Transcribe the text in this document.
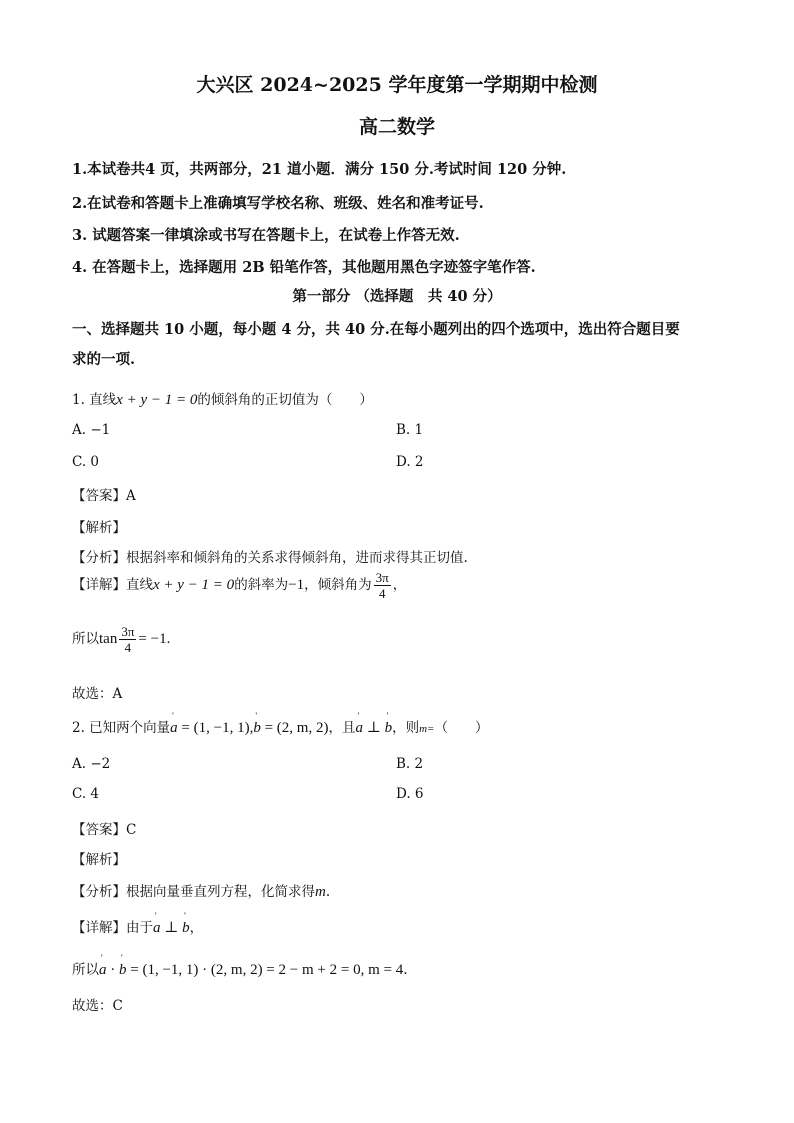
大兴区 2024~2025 学年度第一学期期中检测
高二数学
1.本试卷共4 页，共两部分，21 道小题．满分 150 分.考试时间 120 分钟.
2.在试卷和答题卡上准确填写学校名称、班级、姓名和准考证号.
3. 试题答案一律填涂或书写在答题卡上，在试卷上作答无效.
4. 在答题卡上，选择题用 2B 铅笔作答，其他题用黑色字迹签字笔作答.
第一部分 （选择题　共 40 分）
一、选择题共 10 小题，每小题 4 分，共 40 分.在每小题列出的四个选项中，选出符合题目要
求的一项.
1. 直线x + y − 1 = 0的倾斜角的正切值为（　　）
A. −1	B. 1
C. 0	D. 2
【答案】A
【解析】
【分析】根据斜率和倾斜角的关系求得倾斜角，进而求得其正切值.
【详解】直线x + y − 1 = 0的斜率为−1，倾斜角为 $\frac{3\pi}{4}$ ，
所以$\tan \frac{3\pi}{4} = -1$.
故选：A
2. 已知两个向量' a = (1, −1, 1),' b = (2, m, 2)，且' a ⊥ ' b，则m=（　　）
A. −2	B. 2
C. 4	D. 6
【答案】C
【解析】
【分析】根据向量垂直列方程，化简求得m.
【详解】由于' a ⊥ ' b，
所以' a · ' b = (1, −1, 1) · (2, m, 2) = 2 − m + 2 = 0, m = 4.
故选：C
